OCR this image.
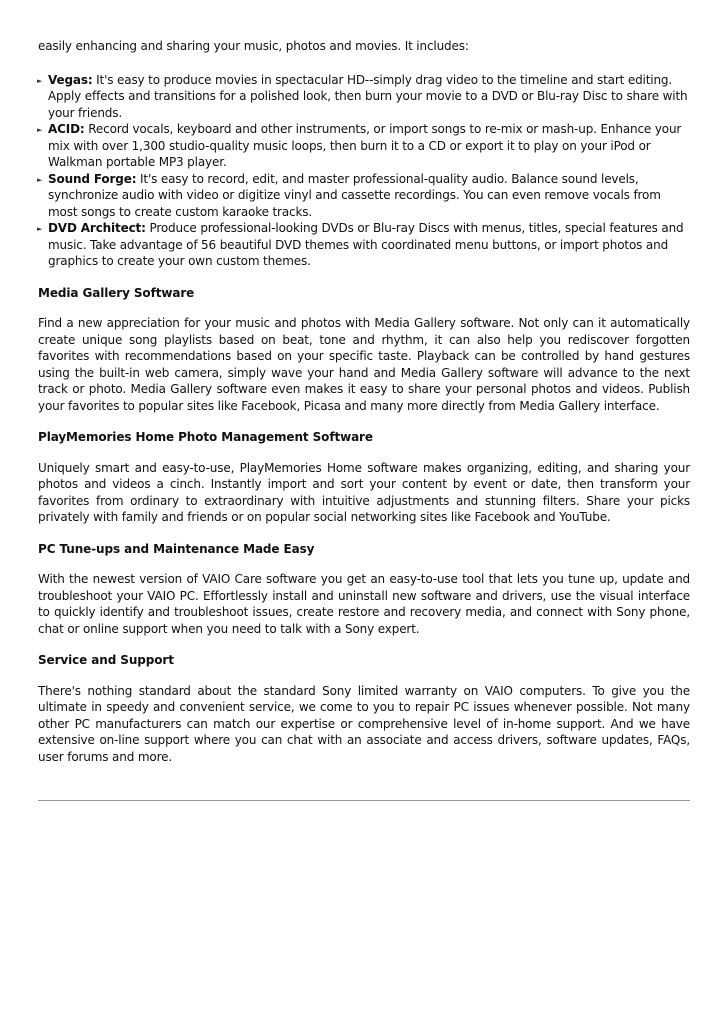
easily enhancing and sharing your music, photos and movies. It includes:

► Vegas: It's easy to produce movies in spectacular HD--simply drag video to the timeline and start editing. Apply effects and transitions for a polished look, then burn your movie to a DVD or Blu-ray Disc to share with your friends.
► ACID: Record vocals, keyboard and other instruments, or import songs to re-mix or mash-up. Enhance your mix with over 1,300 studio-quality music loops, then burn it to a CD or export it to play on your iPod or Walkman portable MP3 player.
► Sound Forge: It's easy to record, edit, and master professional-quality audio. Balance sound levels, synchronize audio with video or digitize vinyl and cassette recordings. You can even remove vocals from most songs to create custom karaoke tracks.
► DVD Architect: Produce professional-looking DVDs or Blu-ray Discs with menus, titles, special features and music. Take advantage of 56 beautiful DVD themes with coordinated menu buttons, or import photos and graphics to create your own custom themes.
Media Gallery Software

Find a new appreciation for your music and photos with Media Gallery software. Not only can it automatically create unique song playlists based on beat, tone and rhythm, it can also help you rediscover forgotten favorites with recommendations based on your specific taste. Playback can be controlled by hand gestures using the built-in web camera, simply wave your hand and Media Gallery software will advance to the next track or photo. Media Gallery software even makes it easy to share your personal photos and videos. Publish your favorites to popular sites like Facebook, Picasa and many more directly from Media Gallery interface.

PlayMemories Home Photo Management Software

Uniquely smart and easy-to-use, PlayMemories Home software makes organizing, editing, and sharing your photos and videos a cinch. Instantly import and sort your content by event or date, then transform your favorites from ordinary to extraordinary with intuitive adjustments and stunning filters. Share your picks privately with family and friends or on popular social networking sites like Facebook and YouTube.

PC Tune-ups and Maintenance Made Easy

With the newest version of VAIO Care software you get an easy-to-use tool that lets you tune up, update and troubleshoot your VAIO PC. Effortlessly install and uninstall new software and drivers, use the visual interface to quickly identify and troubleshoot issues, create restore and recovery media, and connect with Sony phone, chat or online support when you need to talk with a Sony expert.

Service and Support

There's nothing standard about the standard Sony limited warranty on VAIO computers. To give you the ultimate in speedy and convenient service, we come to you to repair PC issues whenever possible. Not many other PC manufacturers can match our expertise or comprehensive level of in-home support. And we have extensive on-line support where you can chat with an associate and access drivers, software updates, FAQs, user forums and more.
